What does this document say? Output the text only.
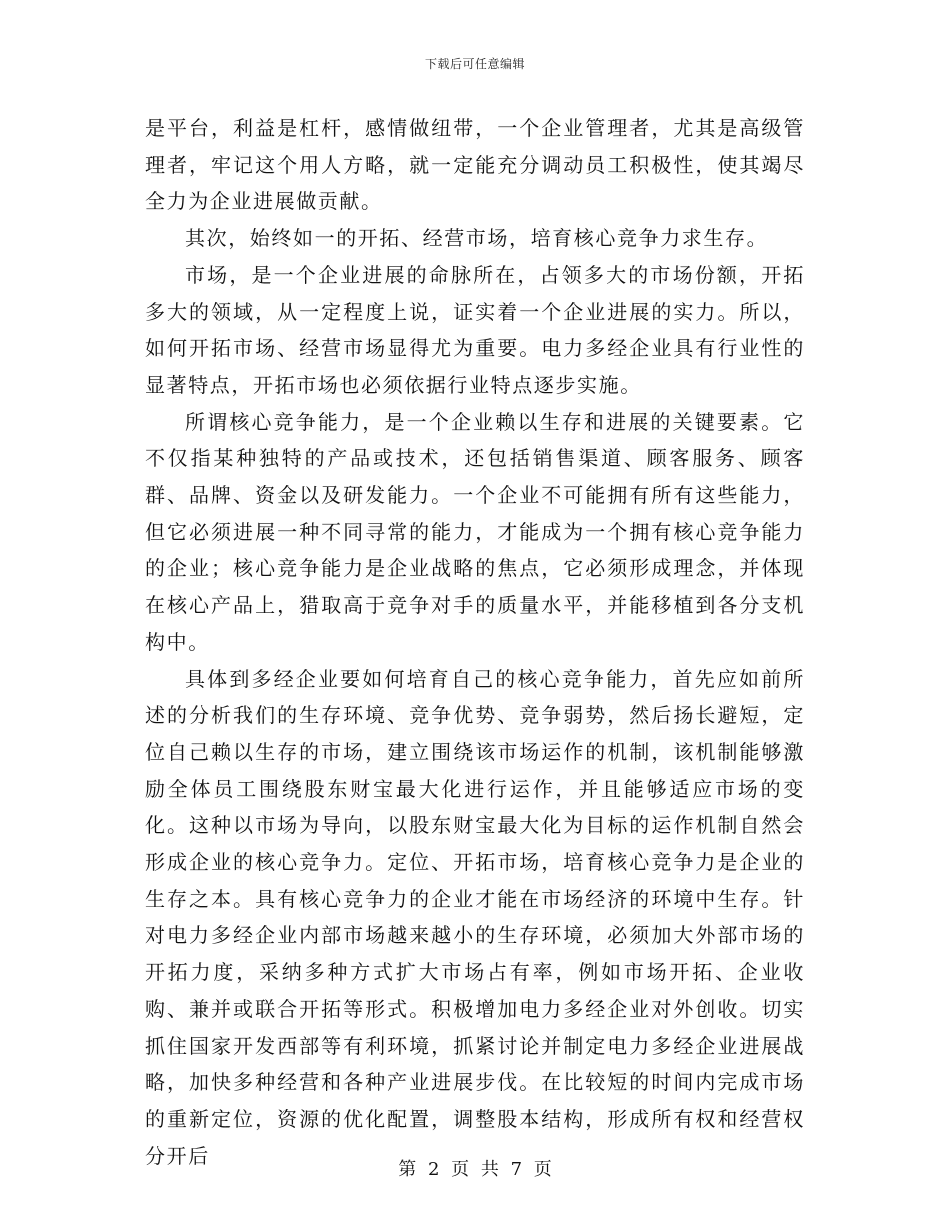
下载后可任意编辑

是平台，利益是杠杆，感情做纽带，一个企业管理者，尤其是高级管理者，牢记这个用人方略，就一定能充分调动员工积极性，使其竭尽全力为企业进展做贡献。

其次，始终如一的开拓、经营市场，培育核心竞争力求生存。

市场，是一个企业进展的命脉所在，占领多大的市场份额，开拓多大的领域，从一定程度上说，证实着一个企业进展的实力。所以，如何开拓市场、经营市场显得尤为重要。电力多经企业具有行业性的显著特点，开拓市场也必须依据行业特点逐步实施。

所谓核心竞争能力，是一个企业赖以生存和进展的关键要素。它不仅指某种独特的产品或技术，还包括销售渠道、顾客服务、顾客群、品牌、资金以及研发能力。一个企业不可能拥有所有这些能力，但它必须进展一种不同寻常的能力，才能成为一个拥有核心竞争能力的企业；核心竞争能力是企业战略的焦点，它必须形成理念，并体现在核心产品上，猎取高于竞争对手的质量水平，并能移植到各分支机构中。

具体到多经企业要如何培育自己的核心竞争能力，首先应如前所述的分析我们的生存环境、竞争优势、竞争弱势，然后扬长避短，定位自己赖以生存的市场，建立围绕该市场运作的机制，该机制能够激励全体员工围绕股东财宝最大化进行运作，并且能够适应市场的变化。这种以市场为导向，以股东财宝最大化为目标的运作机制自然会形成企业的核心竞争力。定位、开拓市场，培育核心竞争力是企业的生存之本。具有核心竞争力的企业才能在市场经济的环境中生存。针对电力多经企业内部市场越来越小的生存环境，必须加大外部市场的开拓力度，采纳多种方式扩大市场占有率，例如市场开拓、企业收购、兼并或联合开拓等形式。积极增加电力多经企业对外创收。切实抓住国家开发西部等有利环境，抓紧讨论并制定电力多经企业进展战略，加快多种经营和各种产业进展步伐。在比较短的时间内完成市场的重新定位，资源的优化配置，调整股本结构，形成所有权和经营权分开后

第 2 页 共 7 页
